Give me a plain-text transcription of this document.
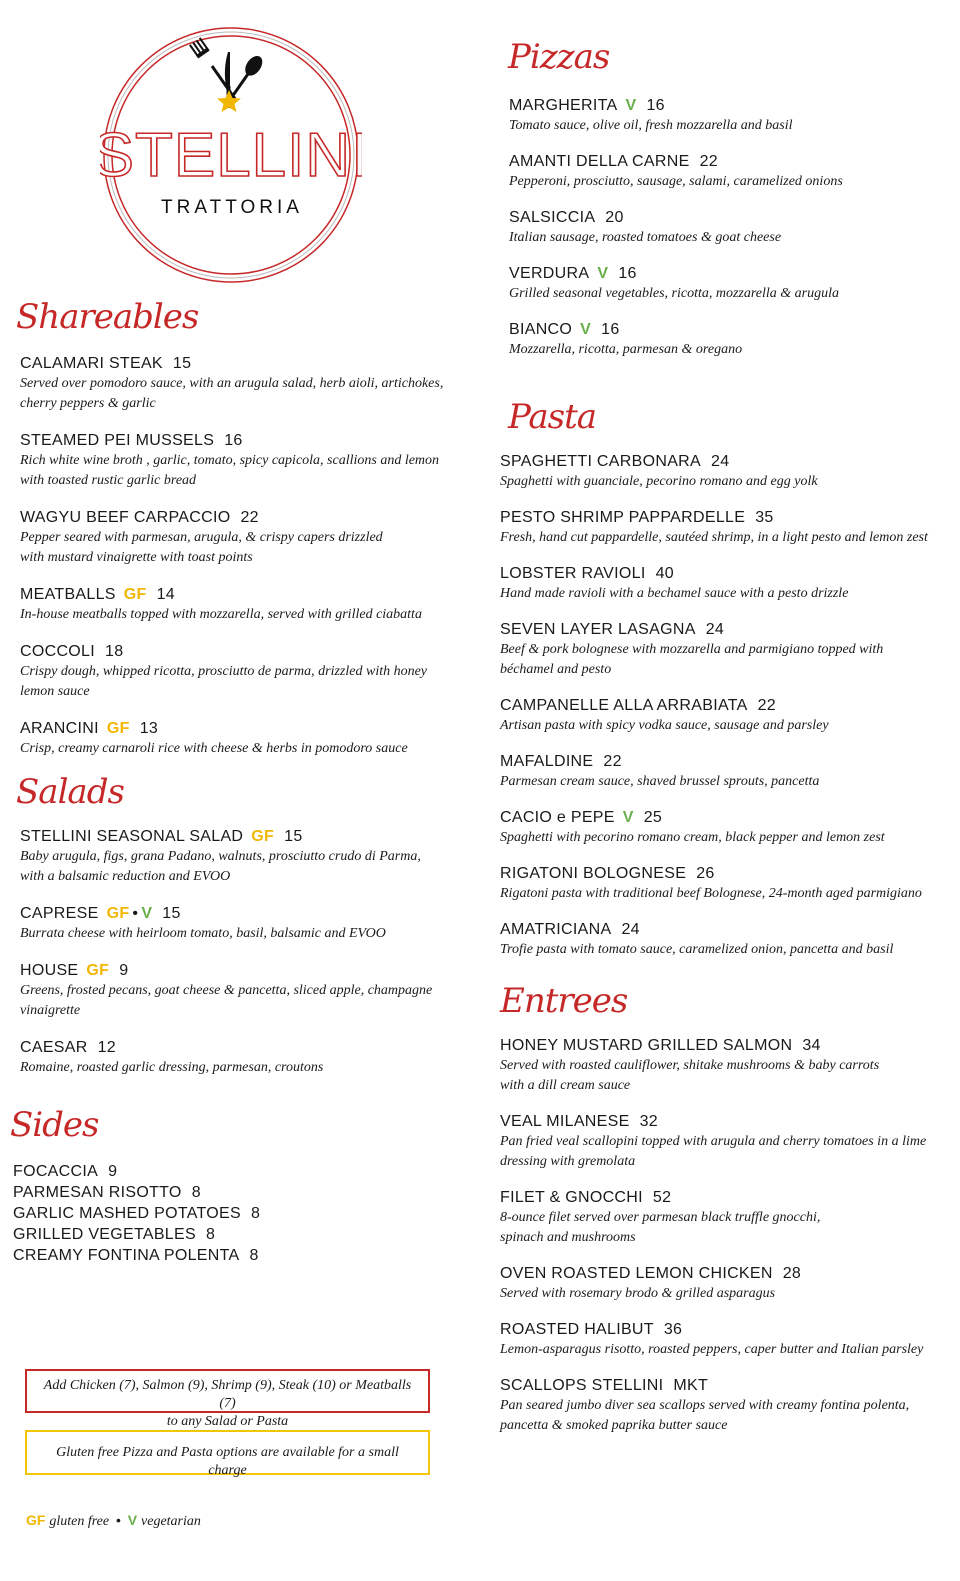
STELLINI
TRATTORIA
Shareables
CALAMARI STEAK 15
Served over pomodoro sauce, with an arugula salad, herb aioli, artichokes,
cherry peppers & garlic
STEAMED PEI MUSSELS 16
Rich white wine broth , garlic, tomato, spicy capicola, scallions and lemon
with toasted rustic garlic bread
WAGYU BEEF CARPACCIO 22
Pepper seared with parmesan, arugula, & crispy capers drizzled
with mustard vinaigrette with toast points
MEATBALLS GF 14
In-house meatballs topped with mozzarella, served with grilled ciabatta
COCCOLI 18
Crispy dough, whipped ricotta, prosciutto de parma, drizzled with honey
lemon sauce
ARANCINI GF 13
Crisp, creamy carnaroli rice with cheese & herbs in pomodoro sauce
Salads
STELLINI SEASONAL SALAD GF 15
Baby arugula, figs, grana Padano, walnuts, prosciutto crudo di Parma,
with a balsamic reduction and EVOO
CAPRESE GF • V 15
Burrata cheese with heirloom tomato, basil, balsamic and EVOO
HOUSE GF 9
Greens, frosted pecans, goat cheese & pancetta, sliced apple, champagne
vinaigrette
CAESAR 12
Romaine, roasted garlic dressing, parmesan, croutons
Sides
FOCACCIA 9
PARMESAN RISOTTO 8
GARLIC MASHED POTATOES 8
GRILLED VEGETABLES 8
CREAMY FONTINA POLENTA 8
Pizzas
MARGHERITA V 16
Tomato sauce, olive oil, fresh mozzarella and basil
AMANTI DELLA CARNE 22
Pepperoni, prosciutto, sausage, salami, caramelized onions
SALSICCIA 20
Italian sausage, roasted tomatoes & goat cheese
VERDURA V 16
Grilled seasonal vegetables, ricotta, mozzarella & arugula
BIANCO V 16
Mozzarella, ricotta, parmesan & oregano
Pasta
SPAGHETTI CARBONARA 24
Spaghetti with guanciale, pecorino romano and egg yolk
PESTO SHRIMP PAPPARDELLE 35
Fresh, hand cut pappardelle, sautéed shrimp, in a light pesto and lemon zest
LOBSTER RAVIOLI 40
Hand made ravioli with a bechamel sauce with a pesto drizzle
SEVEN LAYER LASAGNA 24
Beef & pork bolognese with mozzarella and parmigiano topped with
béchamel and pesto
CAMPANELLE ALLA ARRABIATA 22
Artisan pasta with spicy vodka sauce, sausage and parsley
MAFALDINE 22
Parmesan cream sauce, shaved brussel sprouts, pancetta
CACIO e PEPE V 25
Spaghetti with pecorino romano cream, black pepper and lemon zest
RIGATONI BOLOGNESE 26
Rigatoni pasta with traditional beef Bolognese, 24-month aged parmigiano
AMATRICIANA 24
Trofie pasta with tomato sauce, caramelized onion, pancetta and basil
Entrees
HONEY MUSTARD GRILLED SALMON 34
Served with roasted cauliflower, shitake mushrooms & baby carrots
with a dill cream sauce
VEAL MILANESE 32
Pan fried veal scallopini topped with arugula and cherry tomatoes in a lime
dressing with gremolata
FILET & GNOCCHI 52
8-ounce filet served over parmesan black truffle gnocchi,
spinach and mushrooms
OVEN ROASTED LEMON CHICKEN 28
Served with rosemary brodo & grilled asparagus
ROASTED HALIBUT 36
Lemon-asparagus risotto, roasted peppers, caper butter and Italian parsley
SCALLOPS STELLINI MKT
Pan seared jumbo diver sea scallops served with creamy fontina polenta,
pancetta & smoked paprika butter sauce
Add Chicken (7), Salmon (9), Shrimp (9), Steak (10) or Meatballs (7)
to any Salad or Pasta
Gluten free Pizza and Pasta options are available for a small charge
GF gluten free • V vegetarian
